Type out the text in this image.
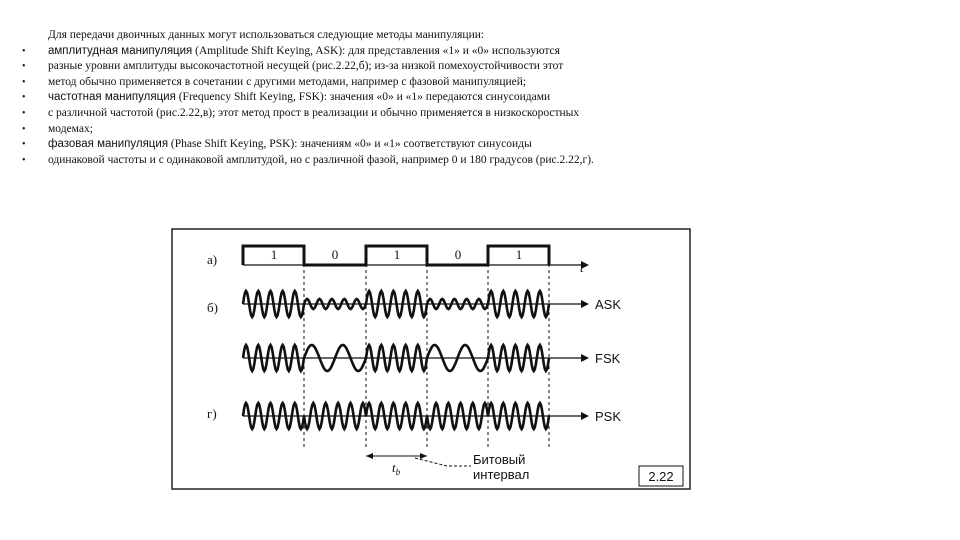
Для передачи двоичных данных могут использоваться следующие методы манипуляции:

• амплитудная манипуляция (Amplitude Shift Keying, ASK): для представления «1» и «0» используются
• разные уровни амплитуды высокочастотной несущей (рис.2.22,б); из-за низкой помехоустойчивости этот
• метод обычно применяется в сочетании с другими методами, например с фазовой манипуляцией;
• частотная манипуляция (Frequency Shift Keying, FSK): значения «0» и «1» передаются синусоидами
• с различной частотой (рис.2.22,в); этот метод прост в реализации и обычно применяется в низкоскоростных
• модемах;
• фазовая манипуляция (Phase Shift Keying, PSK): значениям «0» и «1» соответствуют синусоиды
• одинаковой частоты и с одинаковой амплитудой, но с различной фазой, например 0 и 180 градусов (рис.2.22,г).
а)
б)
г)
t
1	0	1	0	1
ASK
FSK
PSK
$t_b$
Битовый
интервал	2.22
